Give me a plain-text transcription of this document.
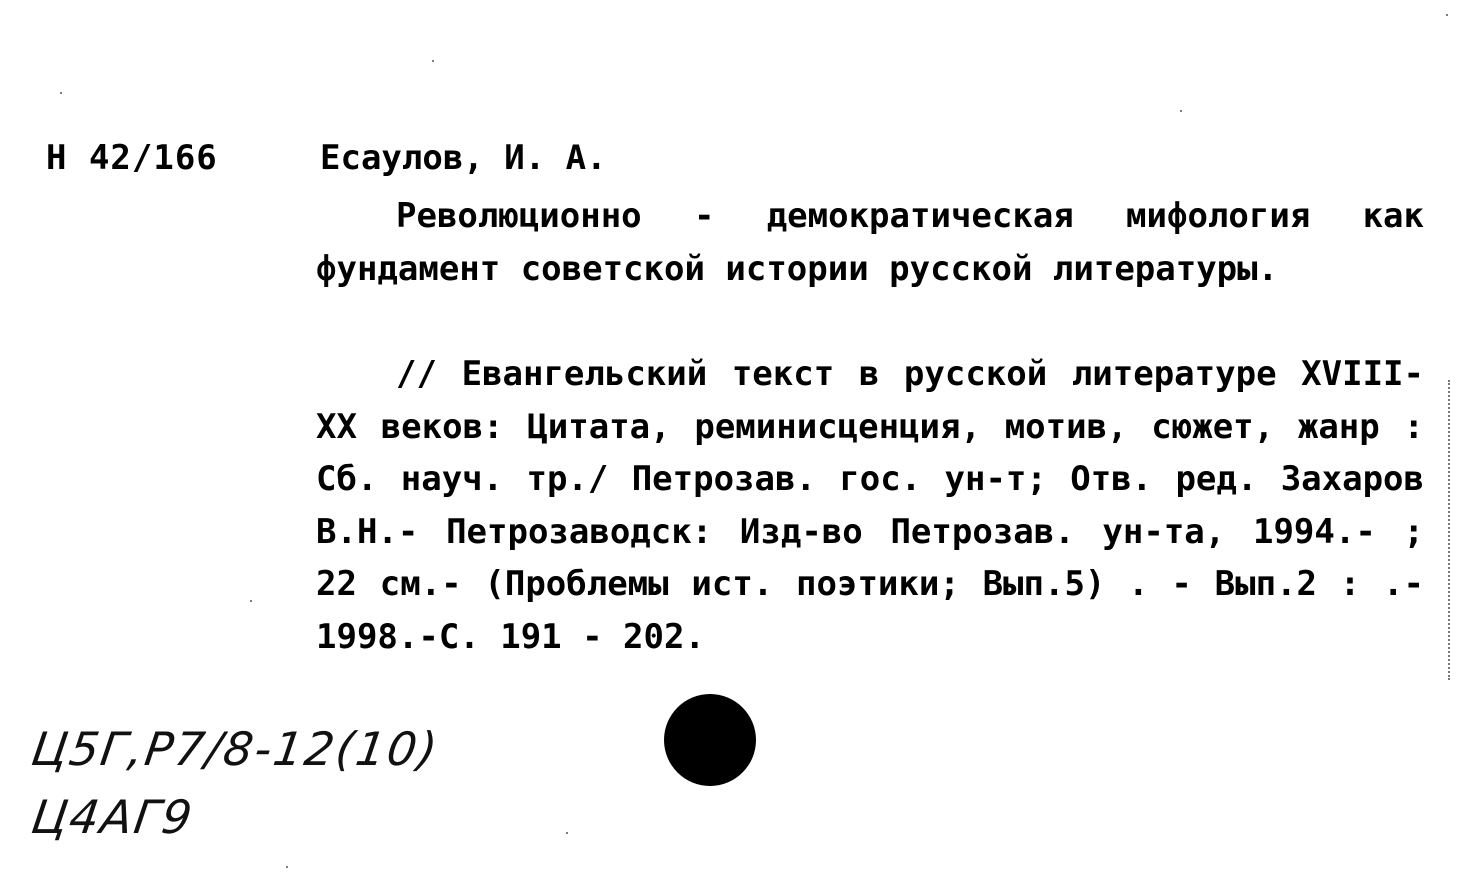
Н 42/166	Есаулов, И. А.

Революционно - демократическая мифология как фундамент советской истории русской литературы.

// Евангельский текст в русской литературе XVIII- XX веков: Цитата, реминисценция, мотив, сюжет, жанр : Сб. науч. тр./ Петрозав. гос. ун-т; Отв. ред. Захаров В.Н.- Петрозаводск: Изд-во Петрозав. ун-та, 1994.- ; 22 см.- (Проблемы ист. поэтики; Вып.5) . - Вып.2 : .- 1998.-С. 191 - 202.

Ц5Г,Р7/8-12(10)
Ц4АГ9
